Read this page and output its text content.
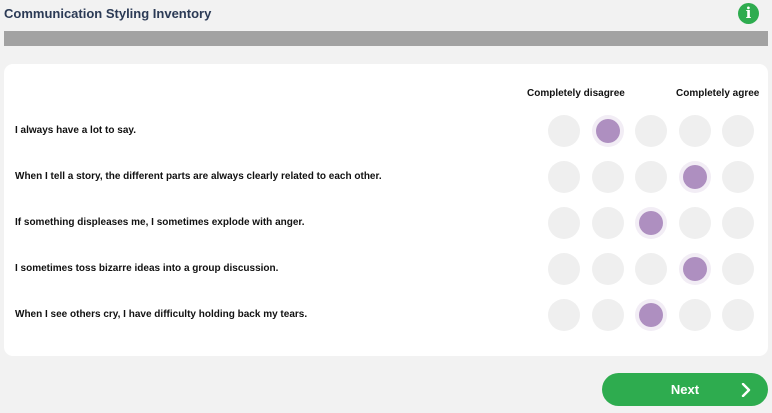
Communication Styling Inventory	i
Completely disagree	Completely agree
I always have a lot to say.
When I tell a story, the different parts are always clearly related to each other.
If something displeases me, I sometimes explode with anger.
I sometimes toss bizarre ideas into a group discussion.
When I see others cry, I have difficulty holding back my tears.
Next
